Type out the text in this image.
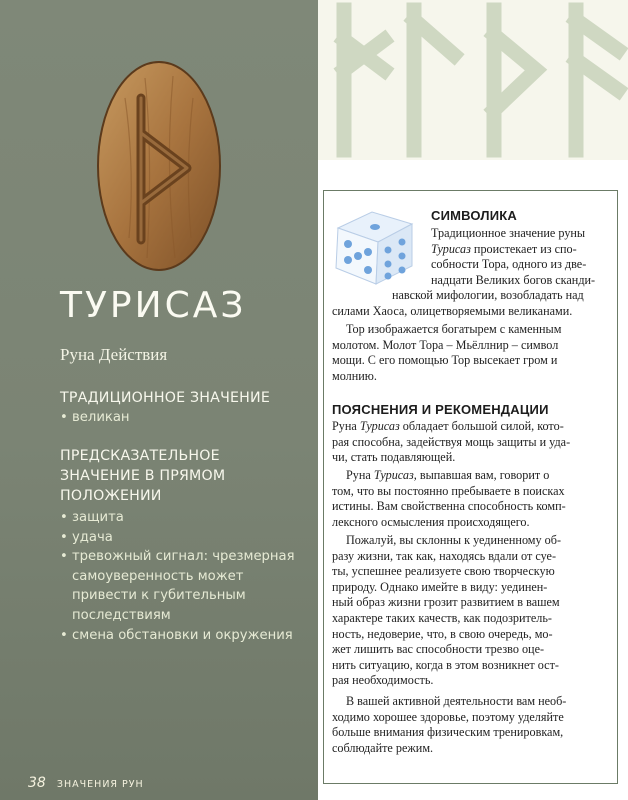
ТУРИСАЗ

Руна Действия

ТРАДИЦИОННОЕ ЗНАЧЕНИЕ
• великан
ПРЕДСКАЗАТЕЛЬНОЕ
ЗНАЧЕНИЕ В ПРЯМОМ
ПОЛОЖЕНИИ
• защита
• удача
• тревожный сигнал: чрезмерная
самоуверенность может
привести к губительным
последствиям
• смена обстановки и окружения
38 ЗНАЧЕНИЯ РУН
СИМВОЛИКА
Традиционное значение руны
Турисаз проистекает из спо-
собности Тора, одного из две-
надцати Великих богов сканди-
навской мифологии, возобладать над
силами Хаоса, олицетворяемыми великанами.
Тор изображается богатырем с каменным
молотом. Молот Тора – Мьёллнир – символ
мощи. С его помощью Тор высекает гром и
молнию.
ПОЯСНЕНИЯ И РЕКОМЕНДАЦИИ
Руна Турисаз обладает большой силой, кото-
рая способна, задействуя мощь защиты и уда-
чи, стать подавляющей.
Руна Турисаз, выпавшая вам, говорит о
том, что вы постоянно пребываете в поисках
истины. Вам свойственна способность комп-
лексного осмысления происходящего.
Пожалуй, вы склонны к уединенному об-
разу жизни, так как, находясь вдали от суе-
ты, успешнее реализуете свою творческую
природу. Однако имейте в виду: уединен-
ный образ жизни грозит развитием в вашем
характере таких качеств, как подозритель-
ность, недоверие, что, в свою очередь, мо-
жет лишить вас способности трезво оце-
нить ситуацию, когда в этом возникнет ост-
рая необходимость.
В вашей активной деятельности вам необ-
ходимо хорошее здоровье, поэтому уделяйте
больше внимания физическим тренировкам,
соблюдайте режим.
